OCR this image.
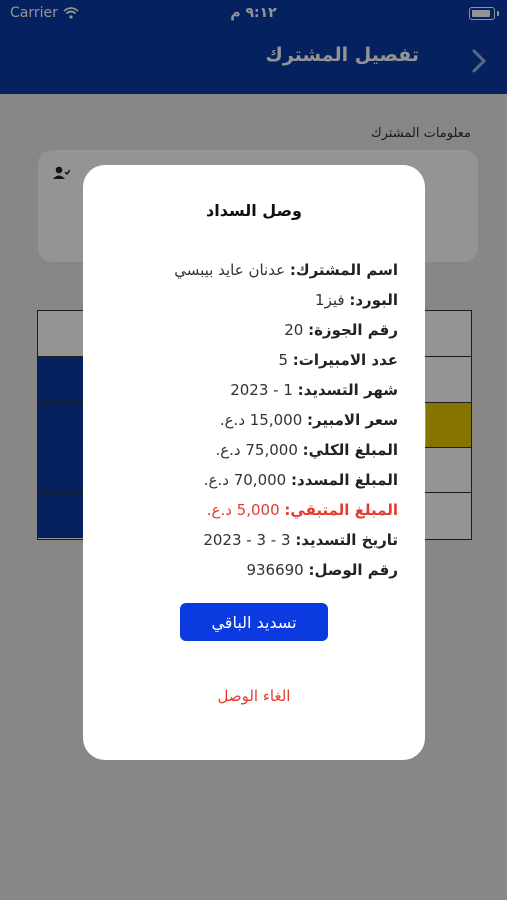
Carrier	٩:١٢ م
تفصيل المشترك
معلومات المشترك
وصل السداد
اسم المشترك: عدنان عايد بيبسي
البورد: فيز1
رقم الجوزة: 20
عدد الامبيرات: 5
شهر التسديد: 1 - 2023
سعر الامبير: 15,000 د.ع.
المبلغ الكلي: 75,000 د.ع.
المبلغ المسدد: 70,000 د.ع.
المبلغ المتبقي: 5,000 د.ع.
تاريخ التسديد: 3 - 3 - 2023
رقم الوصل: 936690
تسديد الباقي
الغاء الوصل
